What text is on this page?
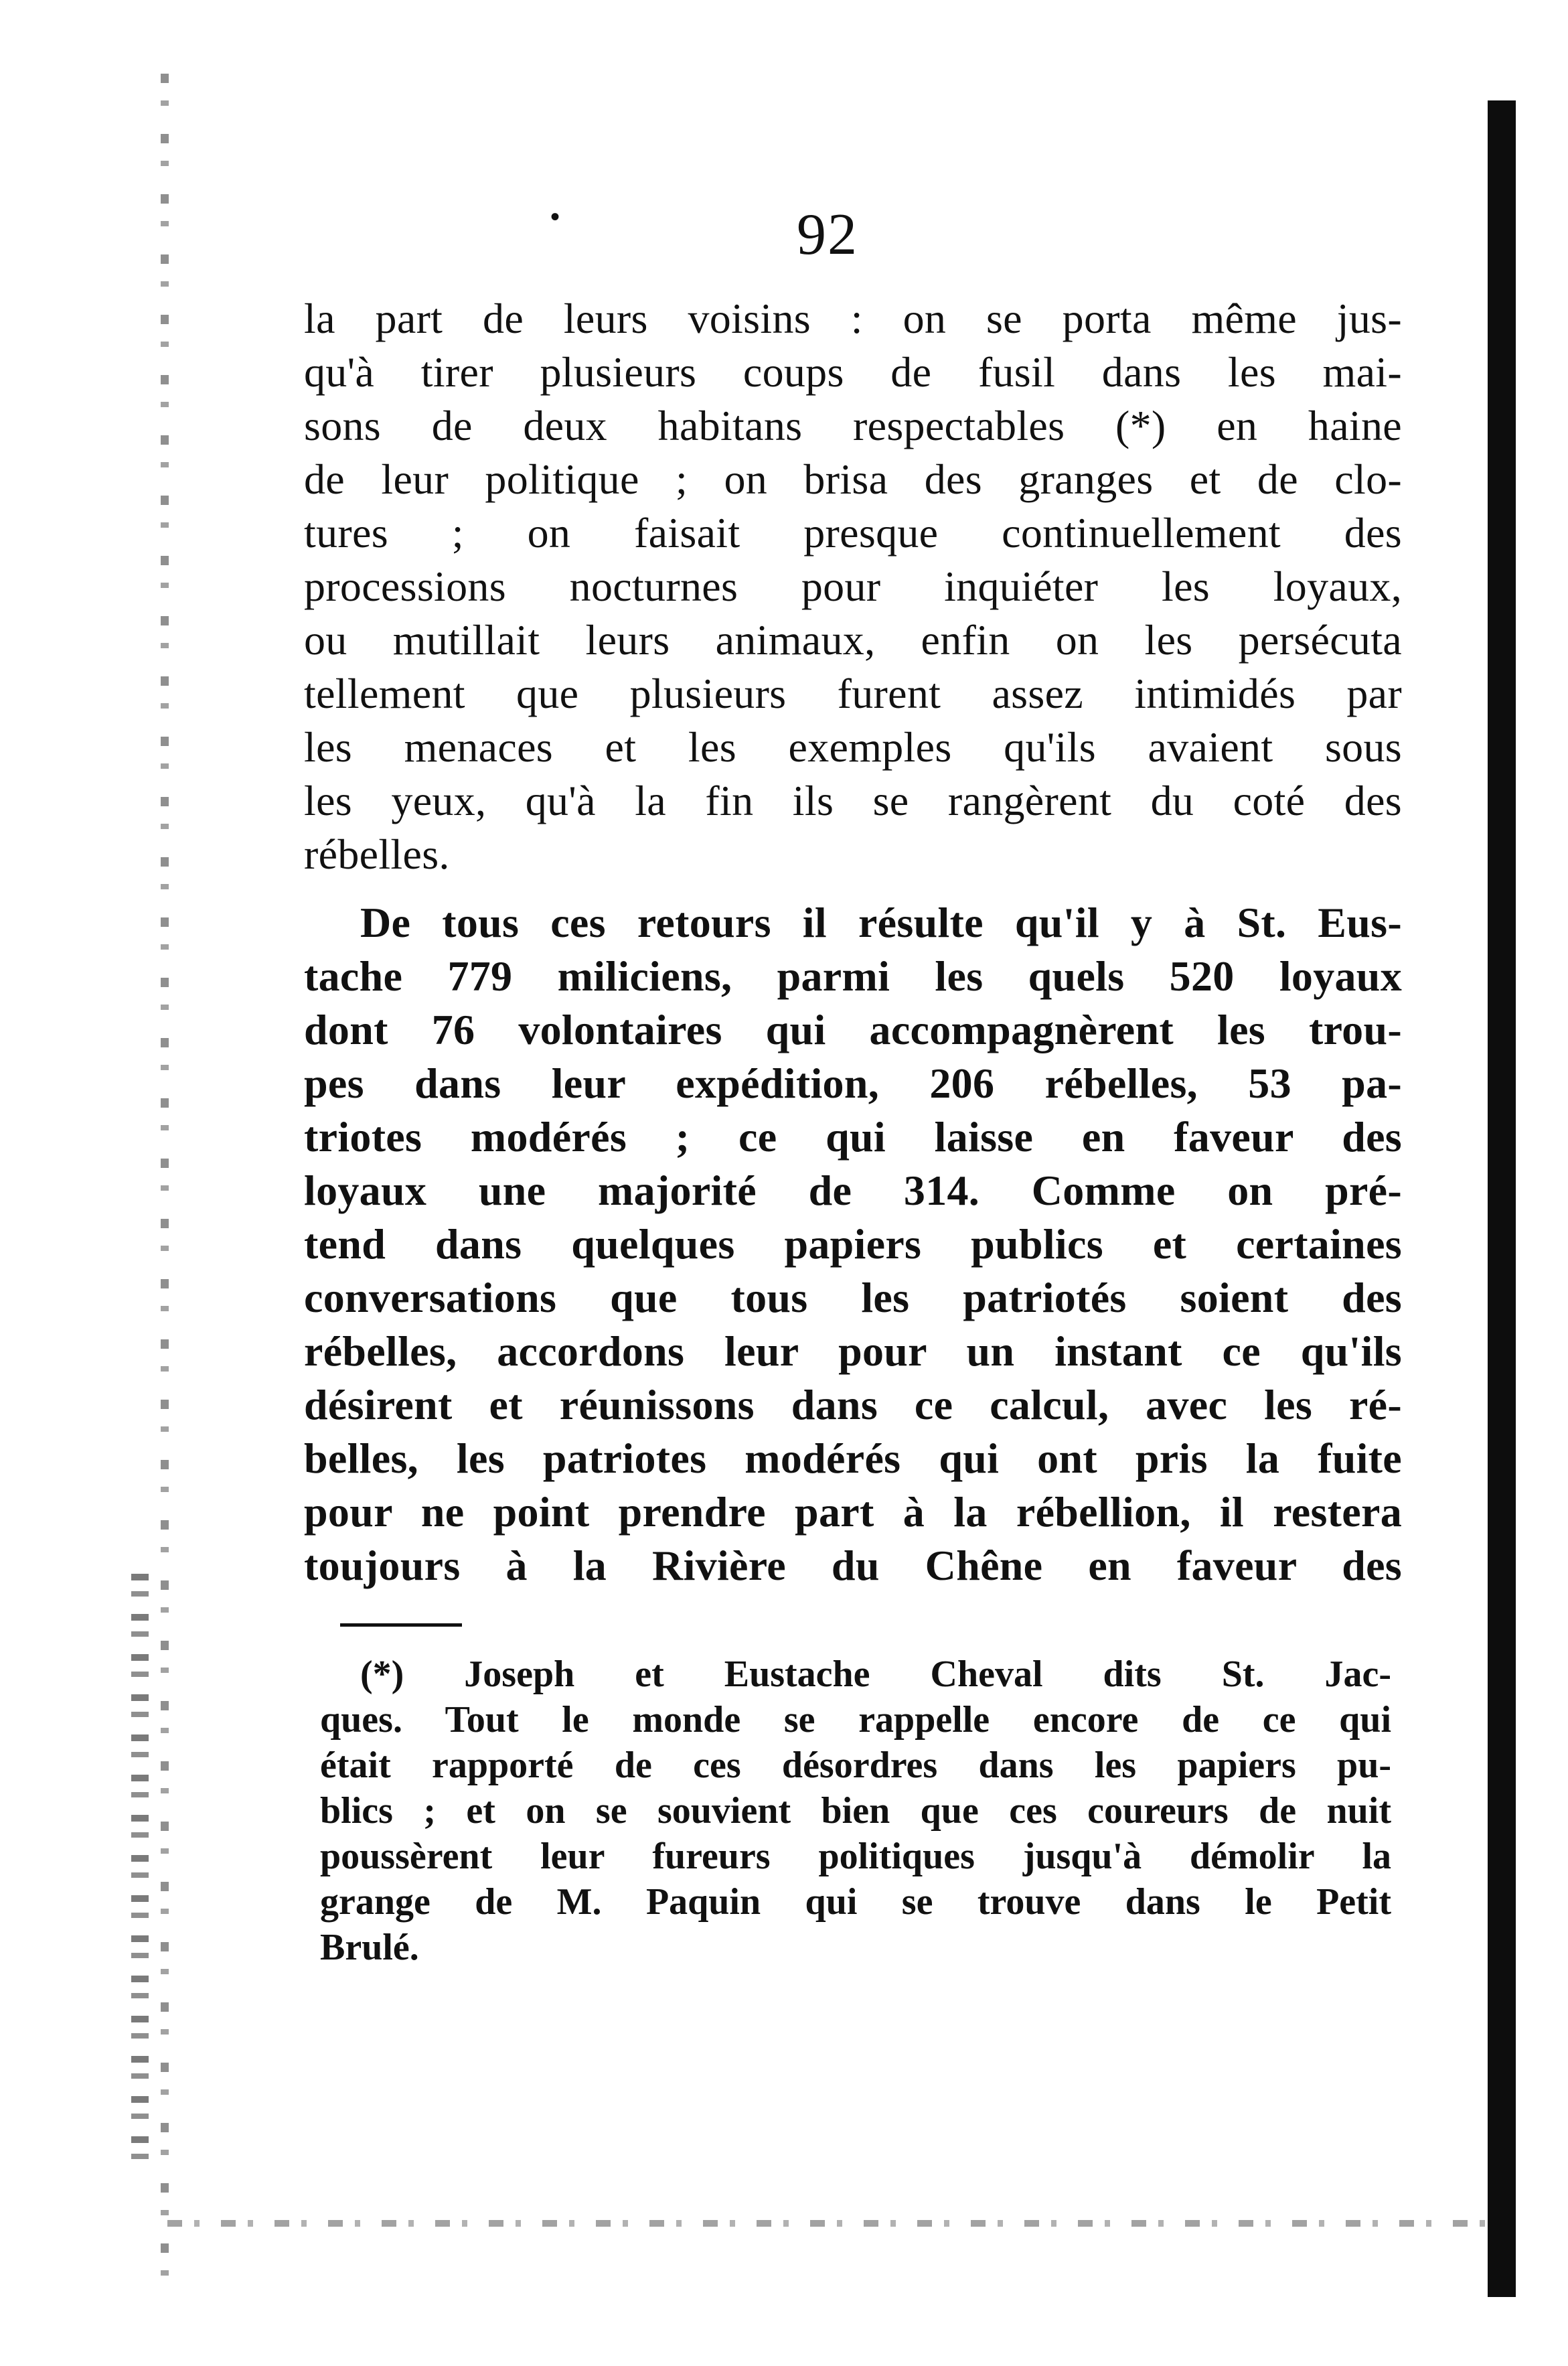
•	92
la part de leurs voisins : on se porta même jus-
qu'à tirer plusieurs coups de fusil dans les mai-
sons de deux habitans respectables (*) en haine
de leur politique ; on brisa des granges et de clo-
tures ; on faisait presque continuellement des
processions nocturnes pour inquiéter les loyaux,
ou mutillait leurs animaux, enfin on les persécuta
tellement que plusieurs furent assez intimidés par
les menaces et les exemples qu'ils avaient sous
les yeux, qu'à la fin ils se rangèrent du coté des
rébelles.
De tous ces retours il résulte qu'il y à St. Eus-
tache 779 miliciens, parmi les quels 520 loyaux
dont 76 volontaires qui accompagnèrent les trou-
pes dans leur expédition, 206 rébelles, 53 pa-
triotes modérés ; ce qui laisse en faveur des
loyaux une majorité de 314. Comme on pré-
tend dans quelques papiers publics et certaines
conversations que tous les patriotés soient des
rébelles, accordons leur pour un instant ce qu'ils
désirent et réunissons dans ce calcul, avec les ré-
belles, les patriotes modérés qui ont pris la fuite
pour ne point prendre part à la rébellion, il restera
toujours à la Rivière du Chêne en faveur des
(*) Joseph et Eustache Cheval dits St. Jac-
ques. Tout le monde se rappelle encore de ce qui
était rapporté de ces désordres dans les papiers pu-
blics ; et on se souvient bien que ces coureurs de nuit
poussèrent leur fureurs politiques jusqu'à démolir la
grange de M. Paquin qui se trouve dans le Petit
Brulé.
